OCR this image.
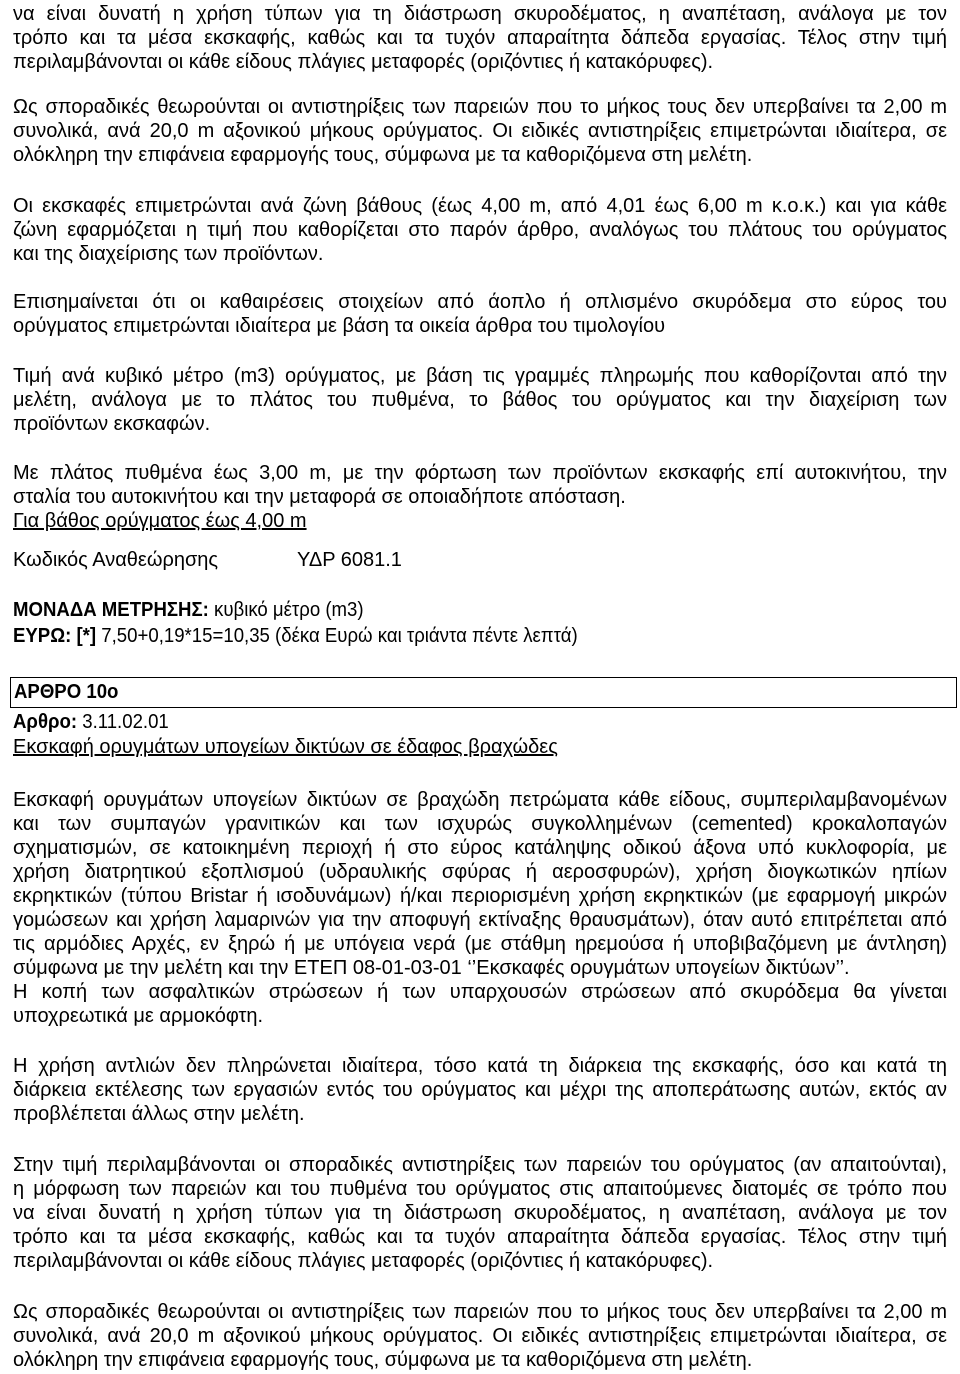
να είναι δυνατή η χρήση τύπων για τη διάστρωση σκυροδέματος, η αναπέταση, ανάλογα με τον
τρόπο και τα μέσα εκσκαφής, καθώς και τα τυχόν απαραίτητα δάπεδα εργασίας. Τέλος στην τιμή
περιλαμβάνονται οι κάθε είδους πλάγιες μεταφορές (οριζόντιες ή κατακόρυφες).
Ως σποραδικές θεωρούνται οι αντιστηρίξεις των παρειών που το μήκος τους δεν υπερβαίνει τα 2,00 m
συνολικά, ανά 20,0 m αξονικού μήκους ορύγματος. Οι ειδικές αντιστηρίξεις επιμετρώνται ιδιαίτερα, σε
ολόκληρη την επιφάνεια εφαρμογής τους, σύμφωνα με τα καθοριζόμενα στη μελέτη.
Οι εκσκαφές επιμετρώνται ανά ζώνη βάθους (έως 4,00 m, από 4,01 έως 6,00 m κ.ο.κ.) και για κάθε
ζώνη εφαρμόζεται η τιμή που καθορίζεται στο παρόν άρθρο, αναλόγως του πλάτους του ορύγματος
και της διαχείρισης των προϊόντων.
Επισημαίνεται ότι οι καθαιρέσεις στοιχείων από άοπλο ή οπλισμένο σκυρόδεμα στο εύρος του
ορύγματος επιμετρώνται ιδιαίτερα με βάση τα οικεία άρθρα του τιμολογίου
Τιμή ανά κυβικό μέτρο (m3) ορύγματος, με βάση τις γραμμές πληρωμής που καθορίζονται από την
μελέτη, ανάλογα με το πλάτος του πυθμένα, το βάθος του ορύγματος και την διαχείριση των
προϊόντων εκσκαφών.
Με πλάτος πυθμένα έως 3,00 m, με την φόρτωση των προϊόντων εκσκαφής επί αυτοκινήτου, την
σταλία του αυτοκινήτου και την μεταφορά σε οποιαδήποτε απόσταση.
Για βάθος ορύγματος έως 4,00 m
Κωδικός Αναθεώρησης	ΥΔΡ 6081.1
ΜΟΝΑΔΑ ΜΕΤΡΗΣΗΣ: κυβικό μέτρο (m3)
ΕΥΡΩ: [*] 7,50+0,19*15=10,35 (δέκα Ευρώ και τριάντα πέντε λεπτά)
ΑΡΘΡΟ 10ο
Αρθρο: 3.11.02.01
Εκσκαφή ορυγμάτων υπογείων δικτύων σε έδαφος βραχώδες
Εκσκαφή ορυγμάτων υπογείων δικτύων σε βραχώδη πετρώματα κάθε είδους, συμπεριλαμβανομένων
και των συμπαγών γρανιτικών και των ισχυρώς συγκολλημένων (cemented) κροκαλοπαγών
σχηματισμών, σε κατοικημένη περιοχή ή στο εύρος κατάληψης οδικού άξονα υπό κυκλοφορία, με
χρήση διατρητικού εξοπλισμού (υδραυλικής σφύρας ή αεροσφυρών), χρήση διογκωτικών ηπίων
εκρηκτικών (τύπου Bristar ή ισοδυνάμων) ή/και περιορισμένη χρήση εκρηκτικών (με εφαρμογή μικρών
γομώσεων και χρήση λαμαρινών για την αποφυγή εκτίναξης θραυσμάτων), όταν αυτό επιτρέπεται από
τις αρμόδιες Αρχές, εν ξηρώ ή με υπόγεια νερά (με στάθμη ηρεμούσα ή υποβιβαζόμενη με άντληση)
σύμφωνα με την μελέτη και την ΕΤΕΠ 08-01-03-01 ‘’Εκσκαφές ορυγμάτων υπογείων δικτύων’’.
Η κοπή των ασφαλτικών στρώσεων ή των υπαρχουσών στρώσεων από σκυρόδεμα θα γίνεται
υποχρεωτικά με αρμοκόφτη.
Η χρήση αντλιών δεν πληρώνεται ιδιαίτερα, τόσο κατά τη διάρκεια της εκσκαφής, όσο και κατά τη
διάρκεια εκτέλεσης των εργασιών εντός του ορύγματος και μέχρι της αποπεράτωσης αυτών, εκτός αν
προβλέπεται άλλως στην μελέτη.
Στην τιμή περιλαμβάνονται οι σποραδικές αντιστηρίξεις των παρειών του ορύγματος (αν απαιτούνται),
η μόρφωση των παρειών και του πυθμένα του ορύγματος στις απαιτούμενες διατομές σε τρόπο που
να είναι δυνατή η χρήση τύπων για τη διάστρωση σκυροδέματος, η αναπέταση, ανάλογα με τον
τρόπο και τα μέσα εκσκαφής, καθώς και τα τυχόν απαραίτητα δάπεδα εργασίας. Τέλος στην τιμή
περιλαμβάνονται οι κάθε είδους πλάγιες μεταφορές (οριζόντιες ή κατακόρυφες).
Ως σποραδικές θεωρούνται οι αντιστηρίξεις των παρειών που το μήκος τους δεν υπερβαίνει τα 2,00 m
συνολικά, ανά 20,0 m αξονικού μήκους ορύγματος. Οι ειδικές αντιστηρίξεις επιμετρώνται ιδιαίτερα, σε
ολόκληρη την επιφάνεια εφαρμογής τους, σύμφωνα με τα καθοριζόμενα στη μελέτη.
